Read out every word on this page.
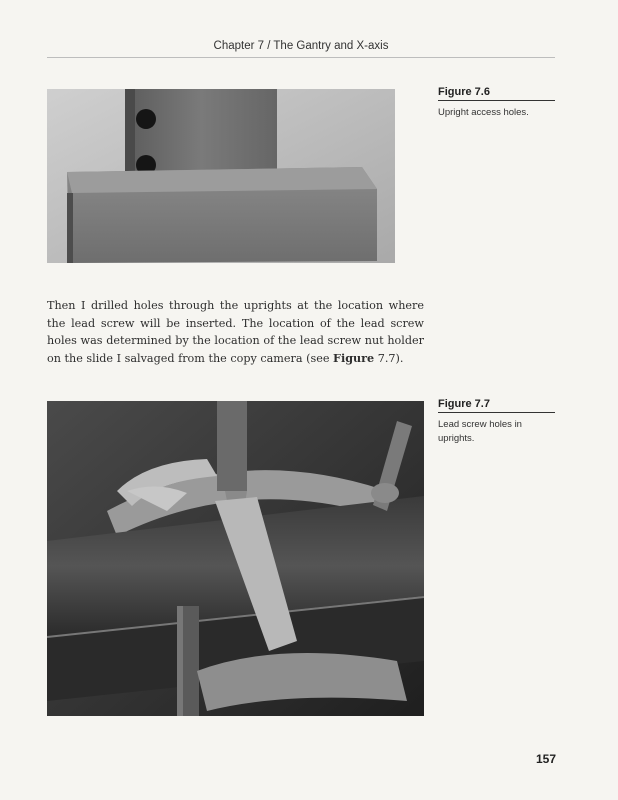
Chapter 7 / The Gantry and X-axis
Figure 7.6
Upright access holes.
Then I drilled holes through the uprights at the location where the lead screw will be inserted. The location of the lead screw holes was determined by the location of the lead screw nut holder on the slide I salvaged from the copy camera (see Figure 7.7).
Figure 7.7
Lead screw holes in uprights.
157
